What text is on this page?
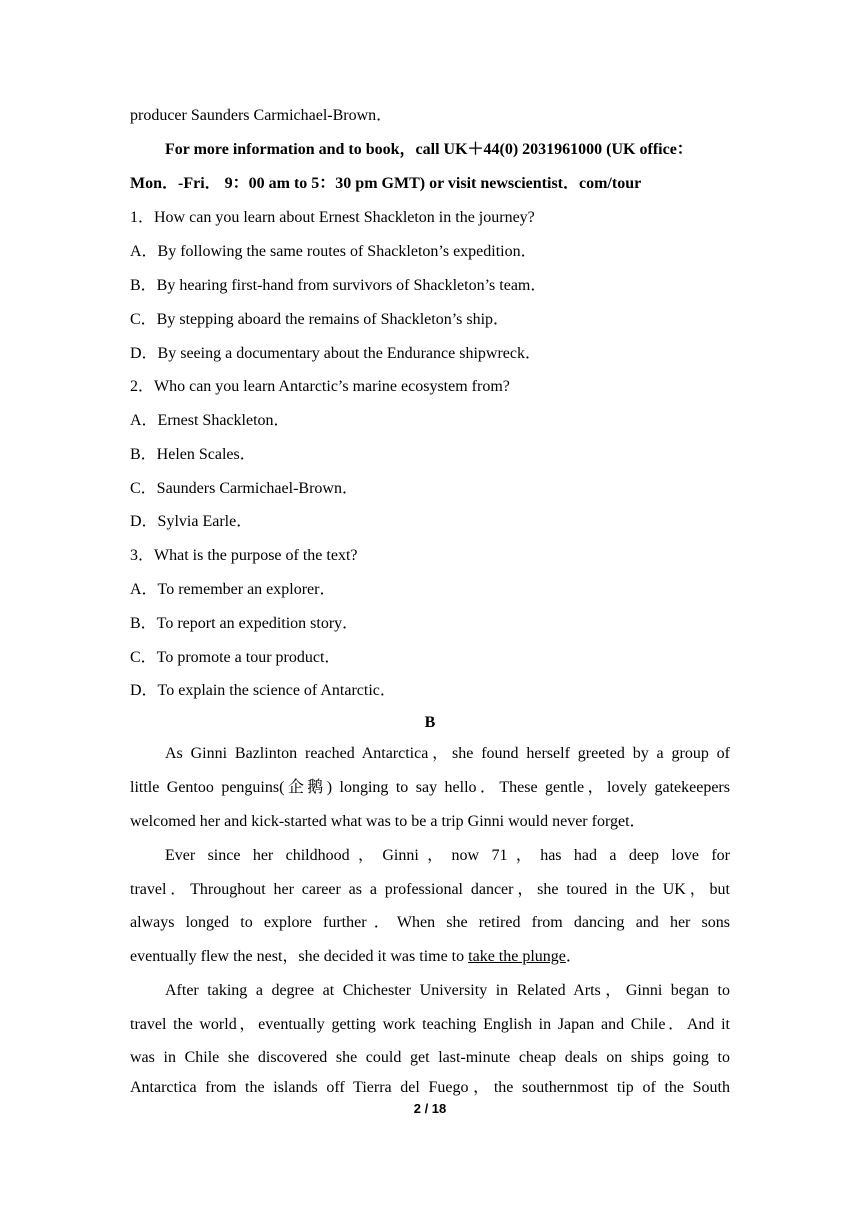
producer Saunders Carmichael-Brown．
For more information and to book，call UK＋44(0) 2031961000 (UK office：
Mon．-Fri． 9：00 am to 5：30 pm GMT) or visit newscientist．com/tour
1．How can you learn about Ernest Shackleton in the journey?
A．By following the same routes of Shackleton’s expedition．
B．By hearing first-hand from survivors of Shackleton’s team．
C．By stepping aboard the remains of Shackleton’s ship．
D．By seeing a documentary about the Endurance shipwreck．
2．Who can you learn Antarctic’s marine ecosystem from?
A．Ernest Shackleton．
B．Helen Scales．
C．Saunders Carmichael-Brown．
D．Sylvia Earle．
3．What is the purpose of the text?
A．To remember an explorer．
B．To report an expedition story．
C．To promote a tour product．
D．To explain the science of Antarctic．
B
As Ginni Bazlinton reached Antarctica，she found herself greeted by a group of
little Gentoo penguins(企鹅) longing to say hello．These gentle，lovely gatekeepers
welcomed her and kick-started what was to be a trip Ginni would never forget．
Ever since her childhood，Ginni，now 71，has had a deep love for
travel．Throughout her career as a professional dancer，she toured in the UK，but
always longed to explore further．When she retired from dancing and her sons
eventually flew the nest，she decided it was time to take the plunge．
After taking a degree at Chichester University in Related Arts，Ginni began to
travel the world，eventually getting work teaching English in Japan and Chile．And it
was in Chile she discovered she could get last-minute cheap deals on ships going to
Antarctica from the islands off Tierra del Fuego，the southernmost tip of the South
2 / 18
